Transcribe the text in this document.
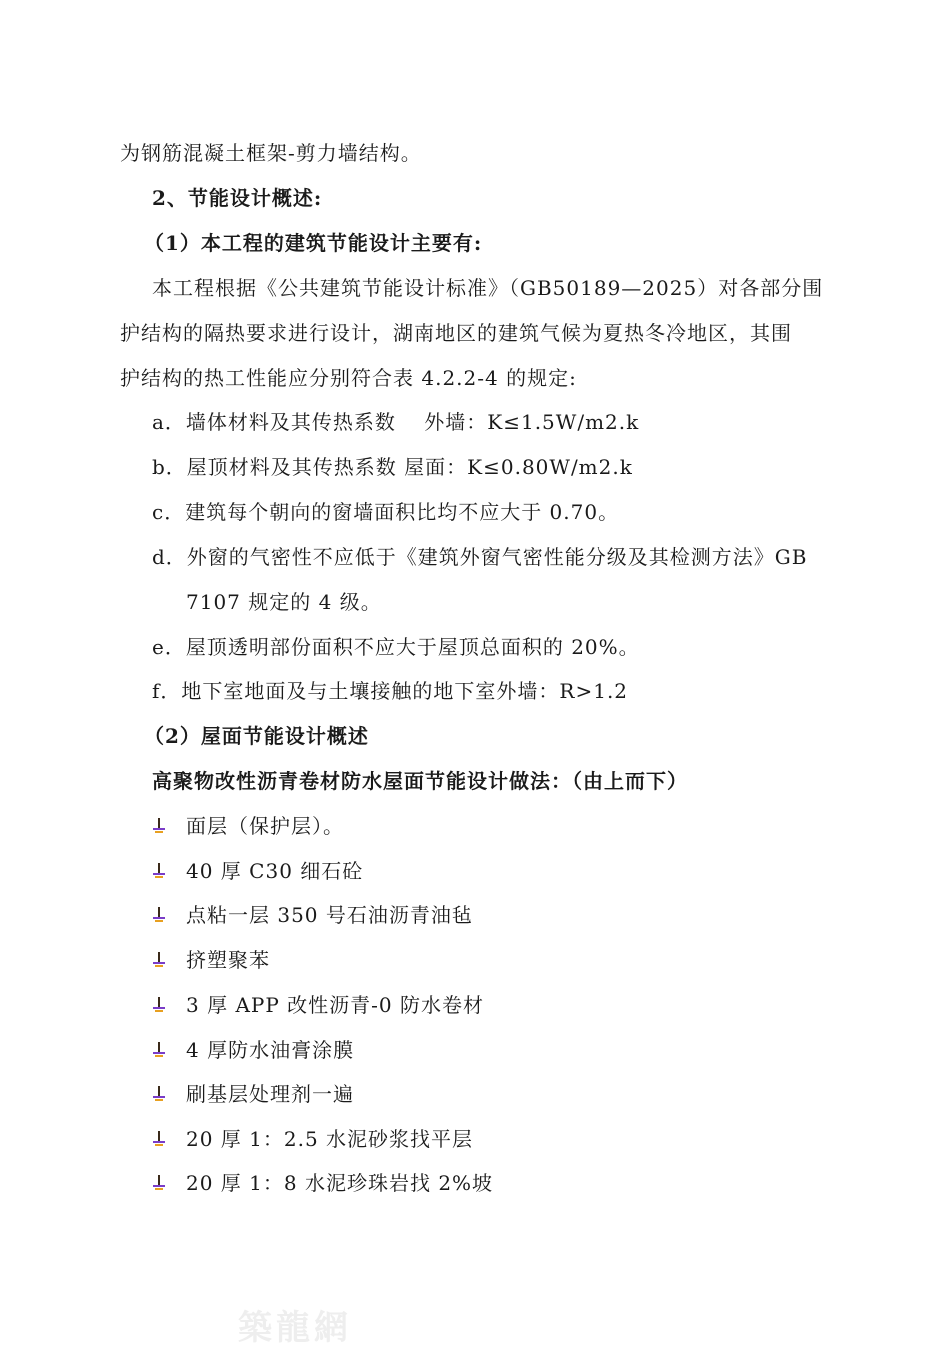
为钢筋混凝土框架-剪力墙结构。
2、节能设计概述:
（1）本工程的建筑节能设计主要有:
本工程根据《公共建筑节能设计标准》（GB50189—2025）对各部分围
护结构的隔热要求进行设计，湖南地区的建筑气候为夏热冬冷地区，其围
护结构的热工性能应分别符合表 4.2.2-4 的规定:
a．墙体材料及其传热系数　 外墙：K≤1.5W/m2.k
b．屋顶材料及其传热系数 屋面：K≤0.80W/m2.k
c．建筑每个朝向的窗墙面积比均不应大于 0.70。
d．外窗的气密性不应低于《建筑外窗气密性能分级及其检测方法》GB
7107 规定的 4 级。
e．屋顶透明部份面积不应大于屋顶总面积的 20%。
f．地下室地面及与土壤接触的地下室外墙：R>1.2
（2）屋面节能设计概述
高聚物改性沥青卷材防水屋面节能设计做法：（由上而下）
面层（保护层）。
40 厚 C30 细石砼
点粘一层 350 号石油沥青油毡
挤塑聚苯
3 厚 APP 改性沥青-0 防水卷材
4 厚防水油膏涂膜
刷基层处理剂一遍
20 厚 1：2.5 水泥砂浆找平层
20 厚 1：8 水泥珍珠岩找 2%坡
築龍網
